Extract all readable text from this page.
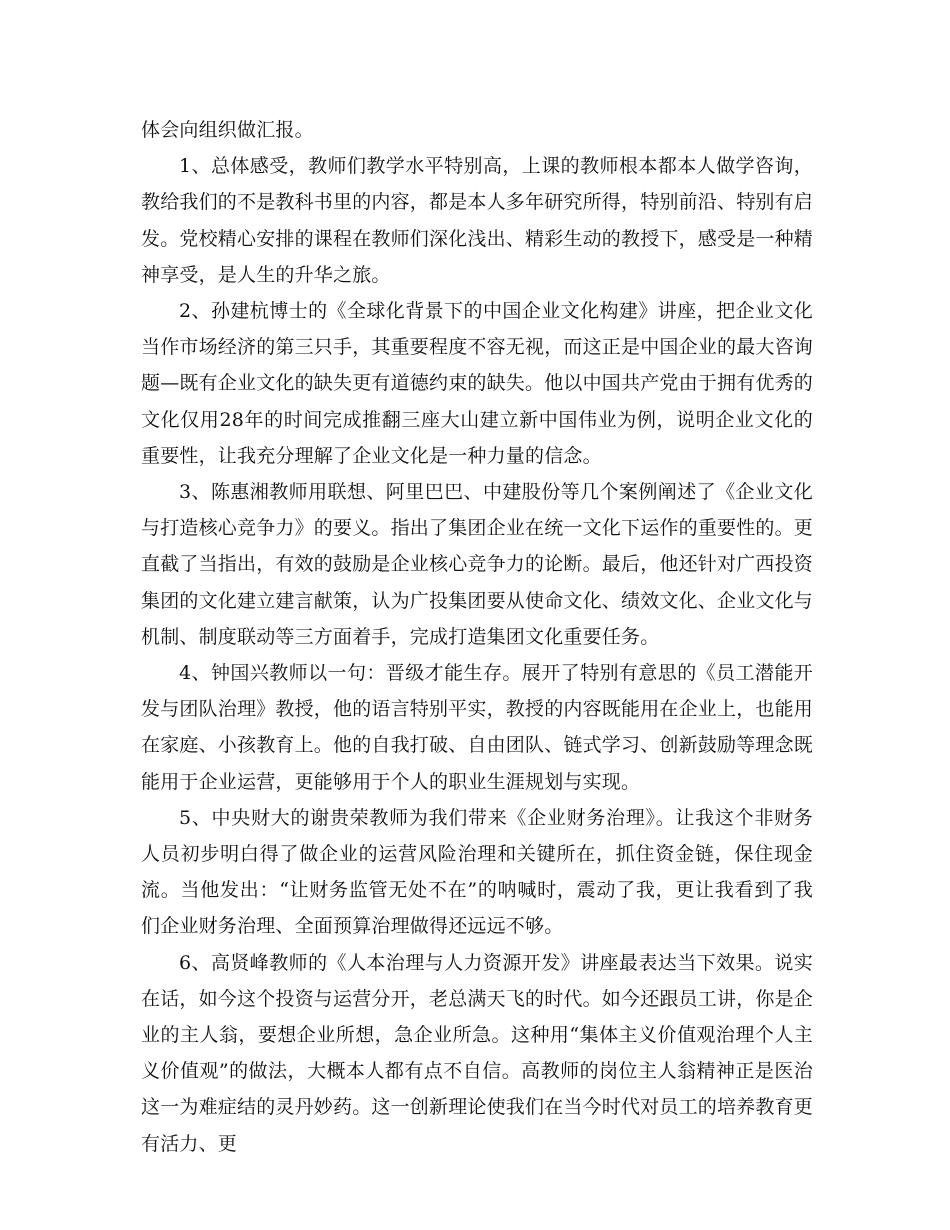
体会向组织做汇报。

1、总体感受，教师们教学水平特别高，上课的教师根本都本人做学咨询，教给我们的不是教科书里的内容，都是本人多年研究所得，特别前沿、特别有启发。党校精心安排的课程在教师们深化浅出、精彩生动的教授下，感受是一种精神享受，是人生的升华之旅。

2、孙建杭博士的《全球化背景下的中国企业文化构建》讲座，把企业文化当作市场经济的第三只手，其重要程度不容无视，而这正是中国企业的最大咨询题—既有企业文化的缺失更有道德约束的缺失。他以中国共产党由于拥有优秀的文化仅用28年的时间完成推翻三座大山建立新中国伟业为例，说明企业文化的重要性，让我充分理解了企业文化是一种力量的信念。

3、陈惠湘教师用联想、阿里巴巴、中建股份等几个案例阐述了《企业文化与打造核心竞争力》的要义。指出了集团企业在统一文化下运作的重要性的。更直截了当指出，有效的鼓励是企业核心竞争力的论断。最后，他还针对广西投资集团的文化建立建言献策，认为广投集团要从使命文化、绩效文化、企业文化与机制、制度联动等三方面着手，完成打造集团文化重要任务。

4、钟国兴教师以一句：晋级才能生存。展开了特别有意思的《员工潜能开发与团队治理》教授，他的语言特别平实，教授的内容既能用在企业上，也能用在家庭、小孩教育上。他的自我打破、自由团队、链式学习、创新鼓励等理念既能用于企业运营，更能够用于个人的职业生涯规划与实现。

5、中央财大的谢贵荣教师为我们带来《企业财务治理》。让我这个非财务人员初步明白得了做企业的运营风险治理和关键所在，抓住资金链，保住现金流。当他发出：“让财务监管无处不在”的呐喊时，震动了我，更让我看到了我们企业财务治理、全面预算治理做得还远远不够。

6、高贤峰教师的《人本治理与人力资源开发》讲座最表达当下效果。说实在话，如今这个投资与运营分开，老总满天飞的时代。如今还跟员工讲，你是企业的主人翁，要想企业所想，急企业所急。这种用“集体主义价值观治理个人主义价值观”的做法，大概本人都有点不自信。高教师的岗位主人翁精神正是医治这一为难症结的灵丹妙药。这一创新理论使我们在当今时代对员工的培养教育更有活力、更
